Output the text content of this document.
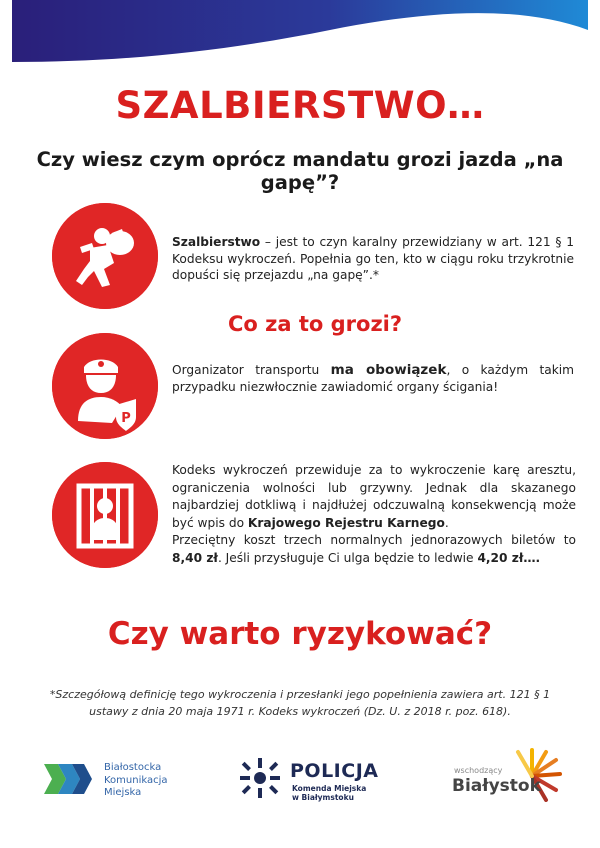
SZALBIERSTWO…
Czy wiesz czym oprócz mandatu grozi jazda „na gapę”?
Szalbierstwo – jest to czyn karalny przewidziany w art. 121 § 1 Kodeksu wykroczeń. Popełnia go ten, kto w ciągu roku trzykrotnie dopuści się przejazdu „na gapę”.*
Co za to grozi?
P
Organizator transportu ma obowiązek, o każdym takim przypadku niezwłocznie zawiadomić organy ścigania!
Kodeks wykroczeń przewiduje za to wykroczenie karę aresztu, ograniczenia wolności lub grzywny. Jednak dla skazanego najbardziej dotkliwą i najdłużej odczuwalną konsekwencją może być wpis do Krajowego Rejestru Karnego.
Przeciętny koszt trzech normalnych jednorazowych biletów to 8,40 zł. Jeśli przysługuje Ci ulga będzie to ledwie 4,20 zł….
Czy warto ryzykować?
*Szczegółową definicję tego wykroczenia i przesłanki jego popełnienia zawiera art. 121 § 1 ustawy z dnia 20 maja 1971 r. Kodeks wykroczeń (Dz. U. z 2018 r. poz. 618).
Białostocka
Komunikacja
Miejska
POLICJA
Komenda Miejska
w Białymstoku
wschodzący
Białystok
